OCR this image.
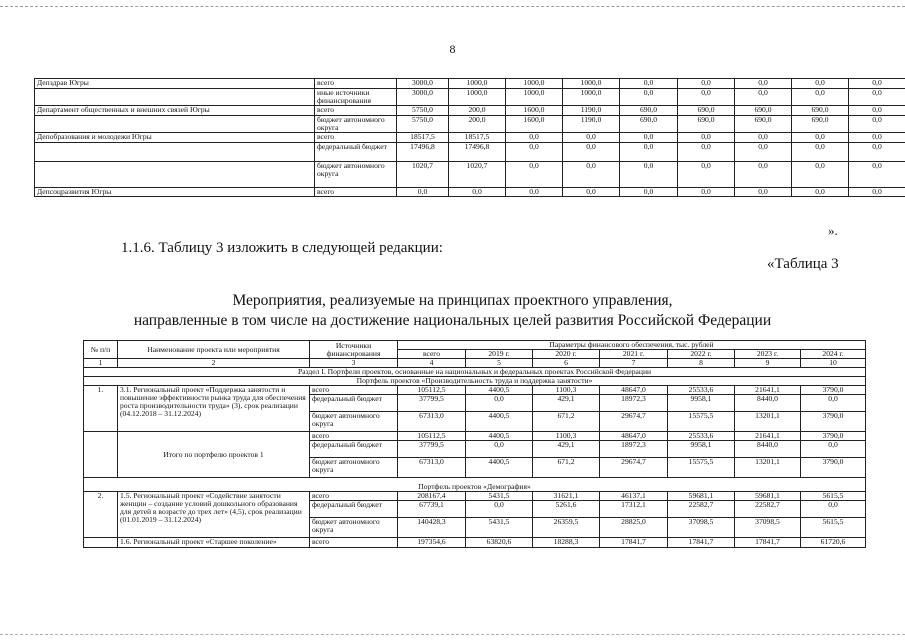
8
Депздрав Югры	всего	3000,0	1000,0	1000,0	1000,0	0,0	0,0	0,0	0,0	0,0
	иные источники финансирования	3000,0	1000,0	1000,0	1000,0	0,0	0,0	0,0	0,0	0,0
Департамент общественных и внешних связей Югры	всего	5750,0	200,0	1600,0	1190,0	690,0	690,0	690,0	690,0	0,0
	бюджет автономного округа	5750,0	200,0	1600,0	1190,0	690,0	690,0	690,0	690,0	0,0
Депобразования и молодежи Югры	всего	18517,5	18517,5	0,0	0,0	0,0	0,0	0,0	0,0	0,0
	федеральный бюджет	17496,8	17496,8	0,0	0,0	0,0	0,0	0,0	0,0	0,0
	бюджет автономного округа	1020,7	1020,7	0,0	0,0	0,0	0,0	0,0	0,0	0,0
Депсоцразвития Югры	всего	0,0	0,0	0,0	0,0	0,0	0,0	0,0	0,0	0,0
».
1.1.6. Таблицу 3 изложить в следующей редакции:
«Таблица 3
Мероприятия, реализуемые на принципах проектного управления,
направленные в том числе на достижение национальных целей развития Российской Федерации
№ п/п	Наименование проекта или мероприятия	Источники финансирования	Параметры финансового обеспечения, тыс. рублей						
			всего	2019 г.	2020 г.	2021 г.	2022 г.	2023 г.	2024 г.
1	2	3	4	5	6	7	8	9	10
Раздел I. Портфели проектов, основанные на национальных и федеральных проектах Российской Федерации									
Портфель проектов «Производительность труда и поддержка занятости»									
1.	3.1. Региональный проект «Поддержка занятости и повышение эффективности рынка труда для обеспечения роста производительности труда» (3), срок реализации (04.12.2018 – 31.12.2024)	всего	105112,5	4400,5	1100,3	48647,0	25533,6	21641,1	3790,0
		федеральный бюджет	37799,5	0,0	429,1	18972,3	9958,1	8440,0	0,0
		бюджет автономного округа	67313,0	4400,5	671,2	29674,7	15575,5	13201,1	3790,0
	Итого по портфелю проектов 1	всего	105112,5	4400,5	1100,3	48647,0	25533,6	21641,1	3790,0
		федеральный бюджет	37799,5	0,0	429,1	18972,3	9958,1	8440,0	0,0
		бюджет автономного округа	67313,0	4400,5	671,2	29674,7	15575,5	13201,1	3790,0
Портфель проектов «Демография»									
2.	1.5. Региональный проект «Содействие занятости женщин – создание условий дошкольного образования для детей в возрасте до трех лет» (4,5), срок реализации (01.01.2019 – 31.12.2024)	всего	208167,4	5431,5	31621,1	46137,1	59681,1	59681,1	5615,5
		федеральный бюджет	67739,1	0,0	5261,6	17312,1	22582,7	22582,7	0,0
		бюджет автономного округа	140428,3	5431,5	26359,5	28825,0	37098,5	37098,5	5615,5
	1.6. Региональный проект «Старшее поколение»	всего	197354,6	63820,6	18288,3	17841,7	17841,7	17841,7	61720,6
